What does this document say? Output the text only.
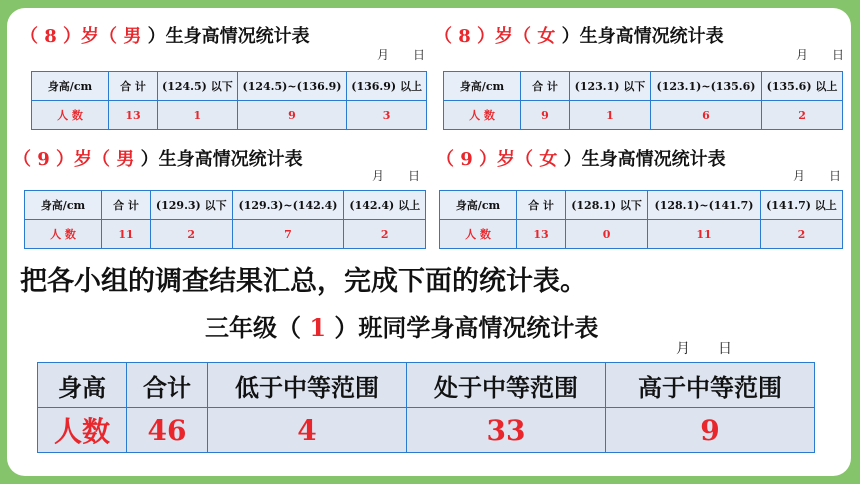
（ 8 ）岁（ 男 ）生身高情况统计表
月　　日
身高/cm	合 计	(124.5) 以下	(124.5)~(136.9)	(136.9) 以上
人 数	13	1	9	3
（ 8 ）岁（ 女 ）生身高情况统计表
月　　日
身高/cm	合 计	(123.1) 以下	(123.1)~(135.6)	(135.6) 以上
人 数	9	1	6	2
（ 9 ）岁（ 男 ）生身高情况统计表
月　　日
身高/cm	合 计	(129.3) 以下	(129.3)~(142.4)	(142.4) 以上
人 数	11	2	7	2
（ 9 ）岁（ 女 ）生身高情况统计表
月　　日
身高/cm	合 计	(128.1) 以下	(128.1)~(141.7)	(141.7) 以上
人 数	13	0	11	2
把各小组的调查结果汇总，完成下面的统计表。
三年级（ 1 ）班同学身高情况统计表
月　　日
身高	合计	低于中等范围	处于中等范围	高于中等范围
人数	46	4	33	9
